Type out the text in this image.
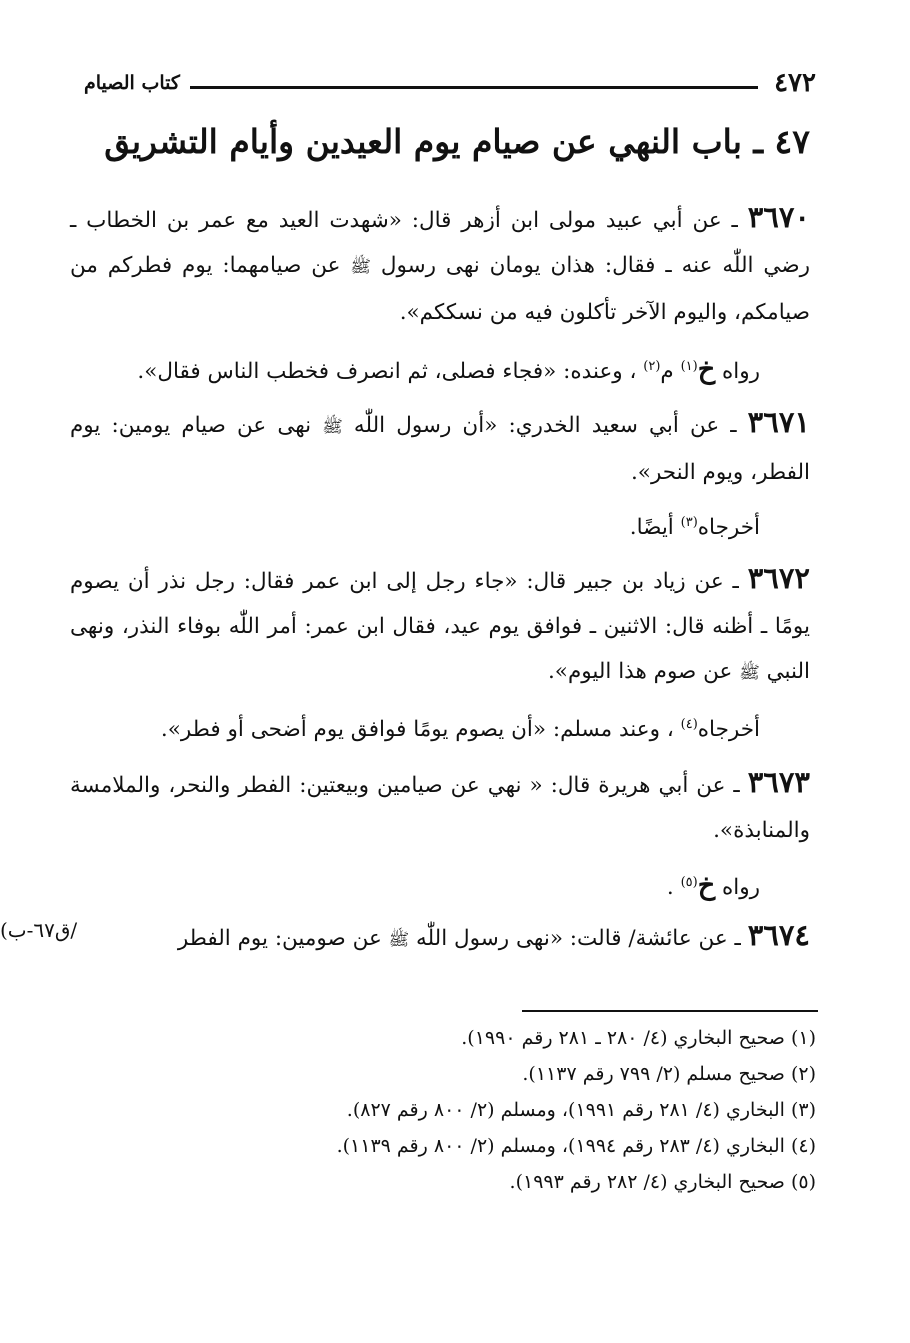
٤٧٢
كتاب الصيام
٤٧ ـ باب النهي عن صيام يوم العيدين وأيام التشريق
٣٦٧٠ ـ عن أبي عبيد مولى ابن أزهر قال: «شهدت العيد مع عمر بن الخطاب ـ رضي اللّٰه عنه ـ فقال: هذان يومان نهى رسول ﷺ عن صيامهما: يوم فطركم من صيامكم، واليوم الآخر تأكلون فيه من نسككم».
رواه خ$^{(١)}$ م$^{(٢)}$ ، وعنده: «فجاء فصلى، ثم انصرف فخطب الناس فقال».
٣٦٧١ ـ عن أبي سعيد الخدري: «أن رسول اللّٰه ﷺ نهى عن صيام يومين: يوم الفطر، ويوم النحر».
أخرجاه$^{(٣)}$ أيضًا.
٣٦٧٢ ـ عن زياد بن جبير قال: «جاء رجل إلى ابن عمر فقال: رجل نذر أن يصوم يومًا ـ أظنه قال: الاثنين ـ فوافق يوم عيد، فقال ابن عمر: أمر اللّٰه بوفاء النذر، ونهى النبي ﷺ عن صوم هذا اليوم».
أخرجاه$^{(٤)}$ ، وعند مسلم: «أن يصوم يومًا فوافق يوم أضحى أو فطر».
٣٦٧٣ ـ عن أبي هريرة قال: « نهي عن صيامين وبيعتين: الفطر والنحر، والملامسة والمنابذة».
رواه خ$^{(٥)}$ .
٣٦٧٤ ـ عن عائشة/ قالت: «نهى رسول اللّٰه ﷺ عن صومين: يوم الفطر
/ق٦٧-ب)
(١) صحيح البخاري (٤/ ٢٨٠ ـ ٢٨١ رقم ١٩٩٠).
(٢) صحيح مسلم (٢/ ٧٩٩ رقم ١١٣٧).
(٣) البخاري (٤/ ٢٨١ رقم ١٩٩١)، ومسلم (٢/ ٨٠٠ رقم ٨٢٧).
(٤) البخاري (٤/ ٢٨٣ رقم ١٩٩٤)، ومسلم (٢/ ٨٠٠ رقم ١١٣٩).
(٥) صحيح البخاري (٤/ ٢٨٢ رقم ١٩٩٣).
